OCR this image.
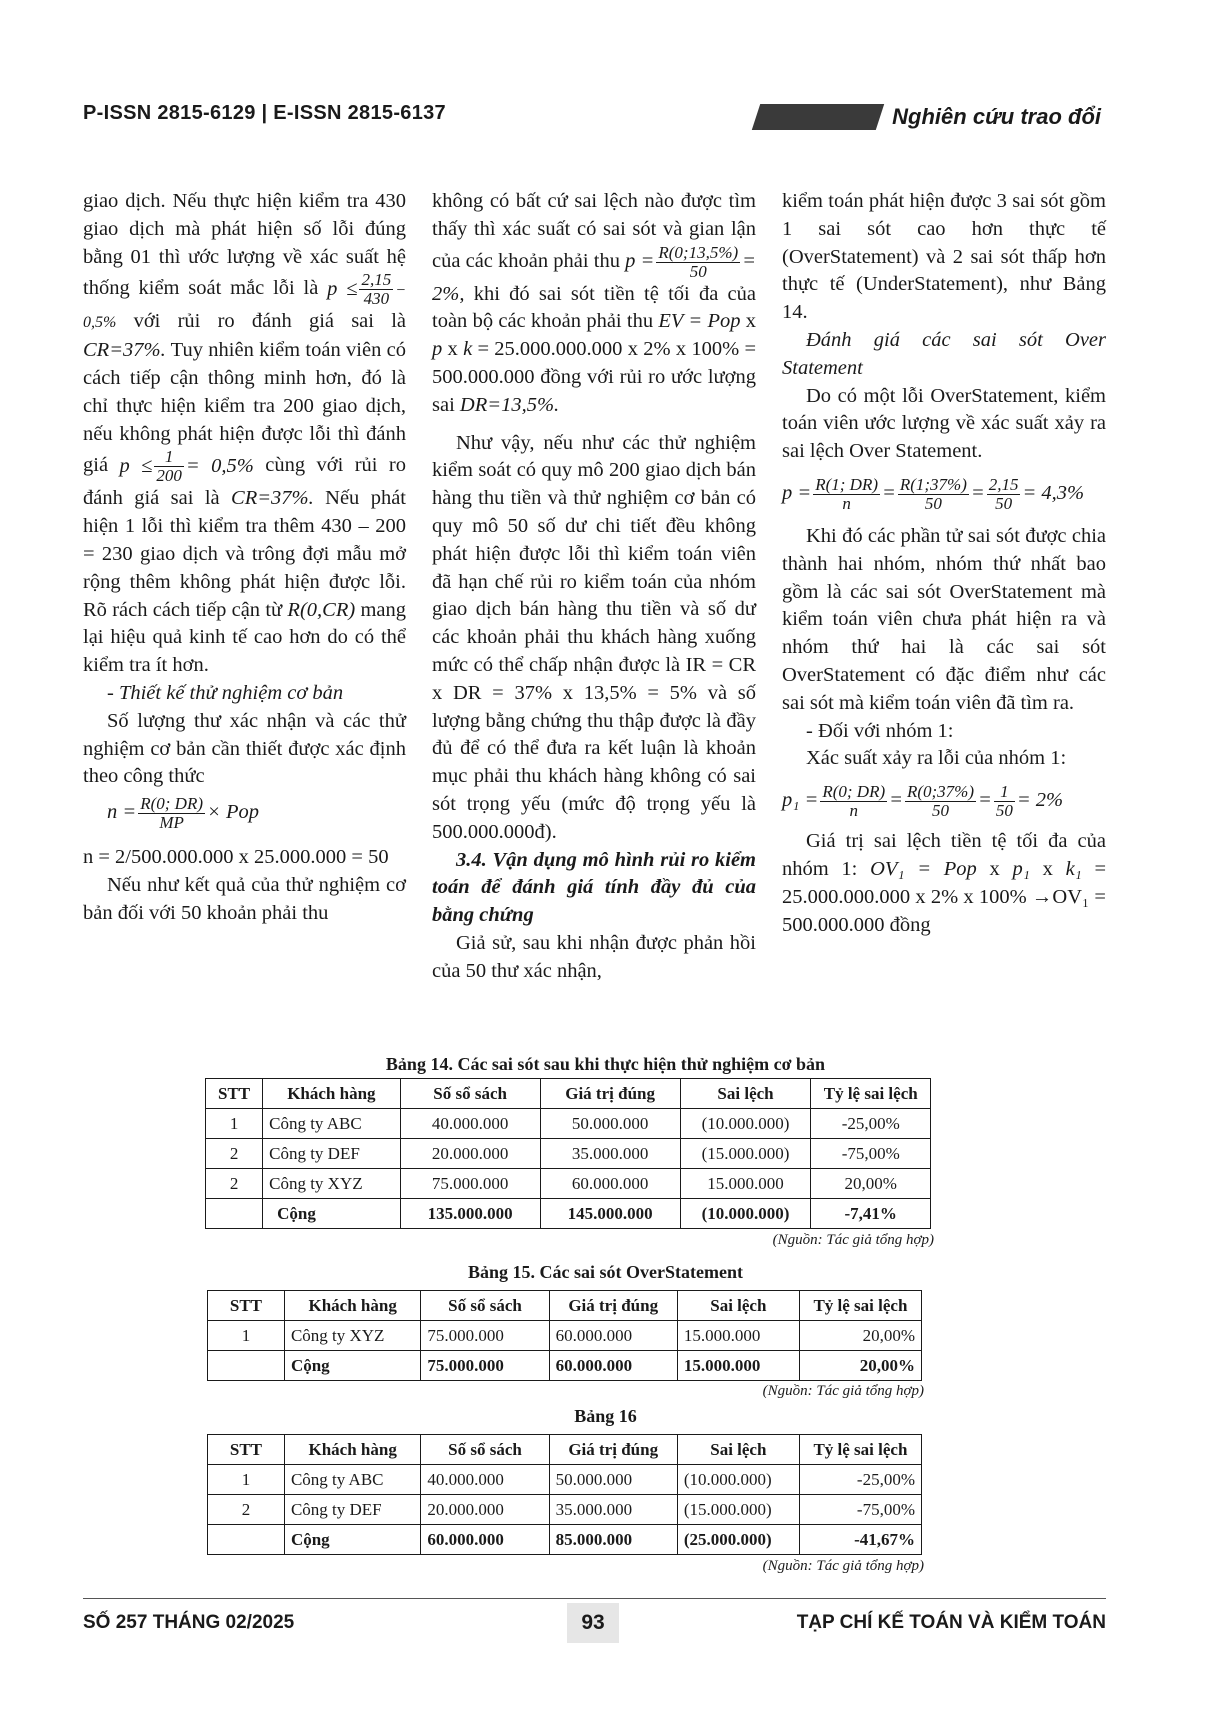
P-ISSN 2815-6129 | E-ISSN 2815-6137	Nghiên cứu trao đổi

giao dịch. Nếu thực hiện kiểm tra 430 giao dịch mà phát hiện số lỗi đúng bằng 01 thì ước lượng về xác suất hệ thống kiểm soát mắc lỗi là $p \le \frac{2,15}{430} - 0,5\%$ với rủi ro đánh giá sai là CR=37%. Tuy nhiên kiểm toán viên có cách tiếp cận thông minh hơn, đó là chỉ thực hiện kiểm tra 200 giao dịch, nếu không phát hiện được lỗi thì đánh giá $p \le \frac{1}{200} = 0,5\%$ cùng với rủi ro đánh giá sai là CR=37%. Nếu phát hiện 1 lỗi thì kiểm tra thêm 430 – 200 = 230 giao dịch và trông đợi mẫu mở rộng thêm không phát hiện được lỗi. Rõ rách cách tiếp cận từ R(0,CR) mang lại hiệu quả kinh tế cao hơn do có thể kiểm tra ít hơn.

- Thiết kế thử nghiệm cơ bản

Số lượng thư xác nhận và các thử nghiệm cơ bản cần thiết được xác định theo công thức

$n = \frac{R(0; DR)}{MP}$ × Pop

n = 2/500.000.000 x 25.000.000 = 50

Nếu như kết quả của thử nghiệm cơ bản đối với 50 khoản phải thu

không có bất cứ sai lệch nào được tìm thấy thì xác suất có sai sót và gian lận của các khoản phải thu $p = \frac{R(0;13,5\%)}{50} = 2\%$, khi đó sai sót tiền tệ tối đa của toàn bộ các khoản phải thu EV = Pop x p x k = 25.000.000.000 x 2% x 100% = 500.000.000 đồng với rủi ro ước lượng sai DR=13,5%.

Như vậy, nếu như các thử nghiệm kiểm soát có quy mô 200 giao dịch bán hàng thu tiền và thử nghiệm cơ bản có quy mô 50 số dư chi tiết đều không phát hiện được lỗi thì kiểm toán viên đã hạn chế rủi ro kiểm toán của nhóm giao dịch bán hàng thu tiền và số dư các khoản phải thu khách hàng xuống mức có thể chấp nhận được là IR = CR x DR = 37% x 13,5% = 5% và số lượng bằng chứng thu thập được là đầy đủ để có thể đưa ra kết luận là khoản mục phải thu khách hàng không có sai sót trọng yếu (mức độ trọng yếu là 500.000.000đ).

3.4. Vận dụng mô hình rủi ro kiểm toán để đánh giá tính đầy đủ của bằng chứng

Giả sử, sau khi nhận được phản hồi của 50 thư xác nhận,

kiểm toán phát hiện được 3 sai sót gồm 1 sai sót cao hơn thực tế (OverStatement) và 2 sai sót thấp hơn thực tế (UnderStatement), như Bảng 14.

Đánh giá các sai sót Over Statement

Do có một lỗi OverStatement, kiểm toán viên ước lượng về xác suất xảy ra sai lệch Over Statement.

$p = \frac{R(1; DR)}{n} = \frac{R(1;37\%)}{50} = \frac{2,15}{50} = 4,3\%$

Khi đó các phần tử sai sót được chia thành hai nhóm, nhóm thứ nhất bao gồm là các sai sót OverStatement mà kiểm toán viên chưa phát hiện ra và nhóm thứ hai là các sai sót OverStatement có đặc điểm như các sai sót mà kiểm toán viên đã tìm ra.

- Đối với nhóm 1:

Xác suất xảy ra lỗi của nhóm 1:

$p_1 = \frac{R(0; DR)}{n} = \frac{R(0;37\%)}{50} = \frac{1}{50} = 2\%$

Giá trị sai lệch tiền tệ tối đa của nhóm 1: OV₁ = Pop x p₁ x k₁ = 25.000.000.000 x 2% x 100% →OV₁ = 500.000.000 đồng

Bảng 14. Các sai sót sau khi thực hiện thử nghiệm cơ bản
STT	Khách hàng	Số sổ sách	Giá trị đúng	Sai lệch	Tỷ lệ sai lệch
1	Công ty ABC	40.000.000	50.000.000	(10.000.000)	-25,00%
2	Công ty DEF	20.000.000	35.000.000	(15.000.000)	-75,00%
2	Công ty XYZ	75.000.000	60.000.000	15.000.000	20,00%
	Cộng	135.000.000	145.000.000	(10.000.000)	-7,41%
(Nguồn: Tác giả tổng hợp)
Bảng 15. Các sai sót OverStatement
STT	Khách hàng	Số sổ sách	Giá trị đúng	Sai lệch	Tỷ lệ sai lệch
1	Công ty XYZ	75.000.000	60.000.000	15.000.000	20,00%
	Cộng	75.000.000	60.000.000	15.000.000	20,00%
(Nguồn: Tác giả tổng hợp)
Bảng 16
STT	Khách hàng	Số sổ sách	Giá trị đúng	Sai lệch	Tỷ lệ sai lệch
1	Công ty ABC	40.000.000	50.000.000	(10.000.000)	-25,00%
2	Công ty DEF	20.000.000	35.000.000	(15.000.000)	-75,00%
	Cộng	60.000.000	85.000.000	(25.000.000)	-41,67%
(Nguồn: Tác giả tổng hợp)
SỐ 257 THÁNG 02/2025	93	TẠP CHÍ KẾ TOÁN VÀ KIỂM TOÁN
